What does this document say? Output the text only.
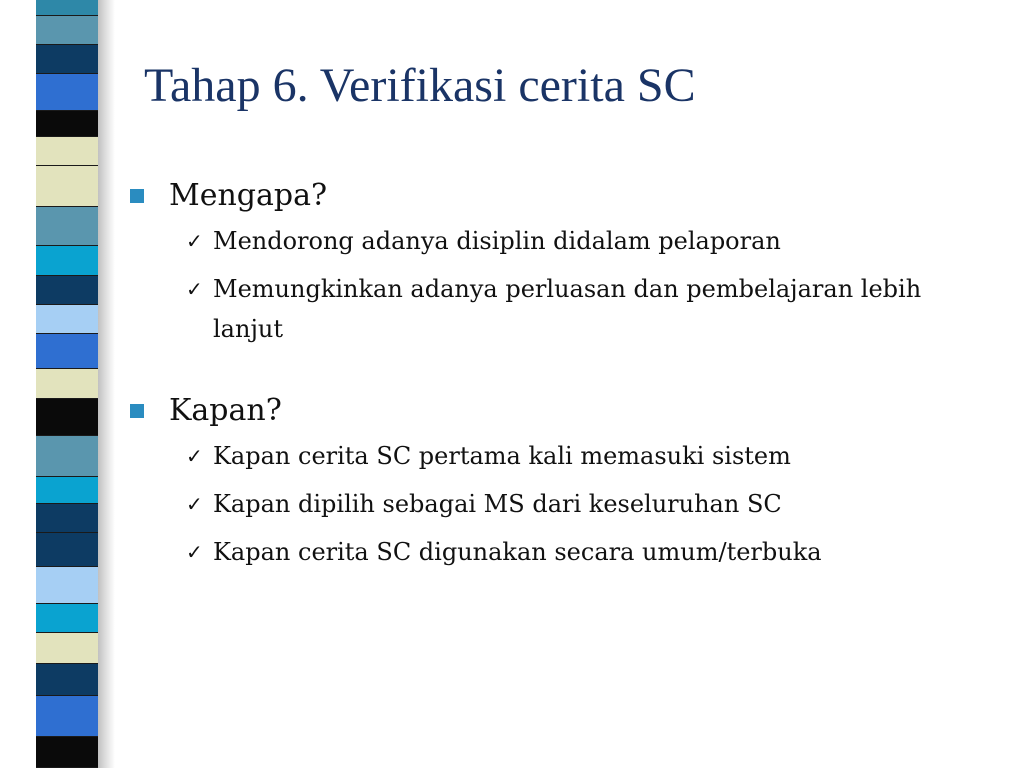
Tahap 6. Verifikasi cerita SC
Mengapa?
✓ Mendorong adanya disiplin didalam pelaporan
✓ Memungkinkan adanya perluasan dan pembelajaran lebih lanjut
Kapan?
✓ Kapan cerita SC pertama kali memasuki sistem
✓ Kapan dipilih sebagai MS dari keseluruhan SC
✓ Kapan cerita SC digunakan secara umum/terbuka
